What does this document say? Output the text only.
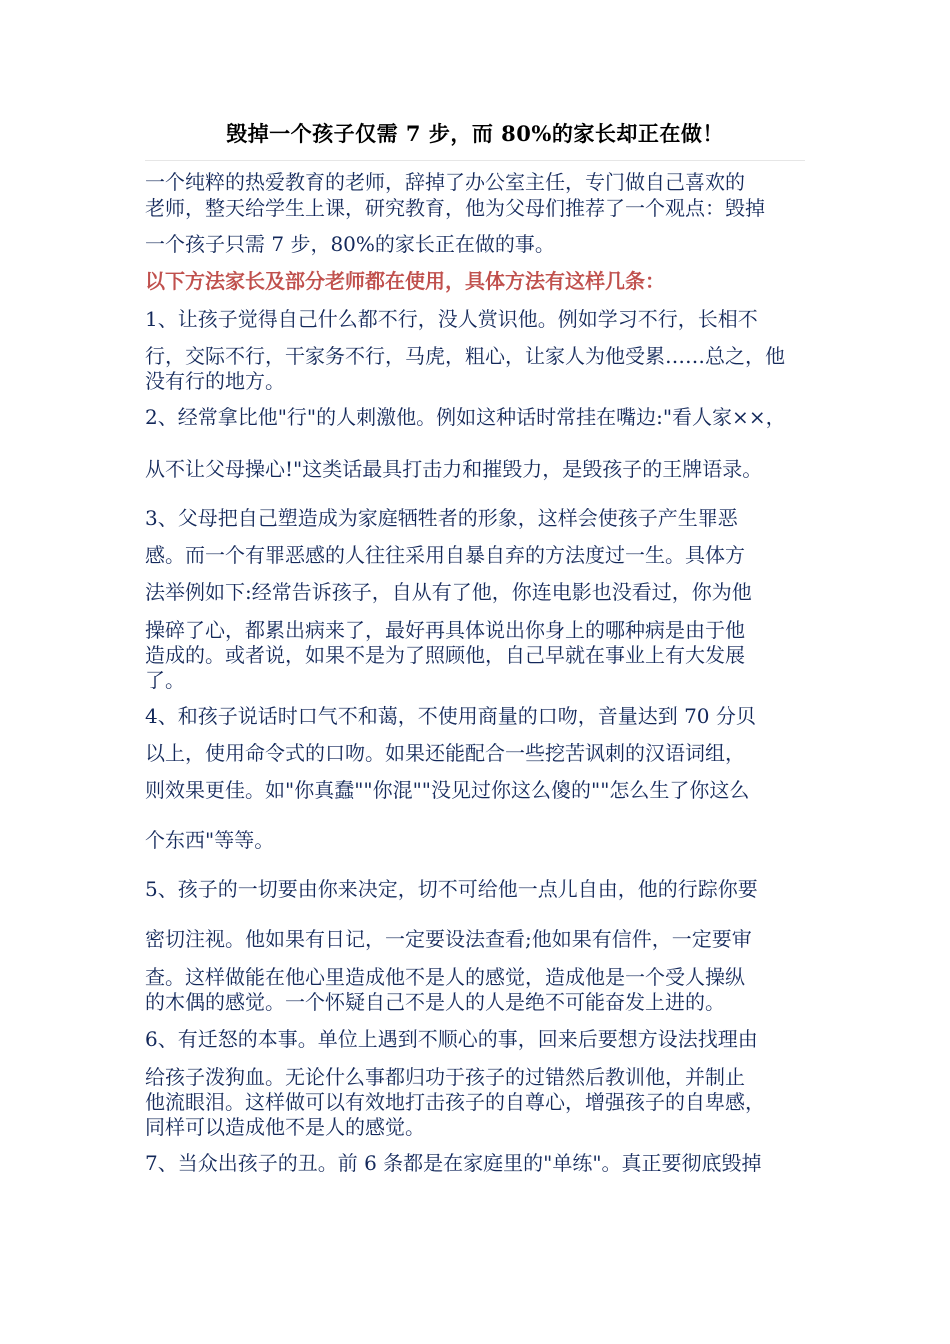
毁掉一个孩子仅需 7 步，而 80%的家长却正在做！
一个纯粹的热爱教育的老师，辞掉了办公室主任，专门做自己喜欢的
老师，整天给学生上课，研究教育，他为父母们推荐了一个观点：毁掉
一个孩子只需 7 步，80%的家长正在做的事。
以下方法家长及部分老师都在使用，具体方法有这样几条：
1、让孩子觉得自己什么都不行，没人赏识他。例如学习不行，长相不
行，交际不行，干家务不行，马虎，粗心，让家人为他受累……总之，他
没有行的地方。
2、经常拿比他"行"的人刺激他。例如这种话时常挂在嘴边:"看人家××，
从不让父母操心!"这类话最具打击力和摧毁力，是毁孩子的王牌语录。
3、父母把自己塑造成为家庭牺牲者的形象，这样会使孩子产生罪恶
感。而一个有罪恶感的人往往采用自暴自弃的方法度过一生。具体方
法举例如下:经常告诉孩子，自从有了他，你连电影也没看过，你为他
操碎了心，都累出病来了，最好再具体说出你身上的哪种病是由于他
造成的。或者说，如果不是为了照顾他，自己早就在事业上有大发展
了。
4、和孩子说话时口气不和蔼，不使用商量的口吻，音量达到 70 分贝
以上，使用命令式的口吻。如果还能配合一些挖苦讽刺的汉语词组，
则效果更佳。如"你真蠢""你混""没见过你这么傻的""怎么生了你这么
个东西"等等。
5、孩子的一切要由你来决定，切不可给他一点儿自由，他的行踪你要
密切注视。他如果有日记，一定要设法查看;他如果有信件，一定要审
查。这样做能在他心里造成他不是人的感觉，造成他是一个受人操纵
的木偶的感觉。一个怀疑自己不是人的人是绝不可能奋发上进的。
6、有迁怒的本事。单位上遇到不顺心的事，回来后要想方设法找理由
给孩子泼狗血。无论什么事都归功于孩子的过错然后教训他，并制止
他流眼泪。这样做可以有效地打击孩子的自尊心，增强孩子的自卑感，
同样可以造成他不是人的感觉。
7、当众出孩子的丑。前 6 条都是在家庭里的"单练"。真正要彻底毁掉
